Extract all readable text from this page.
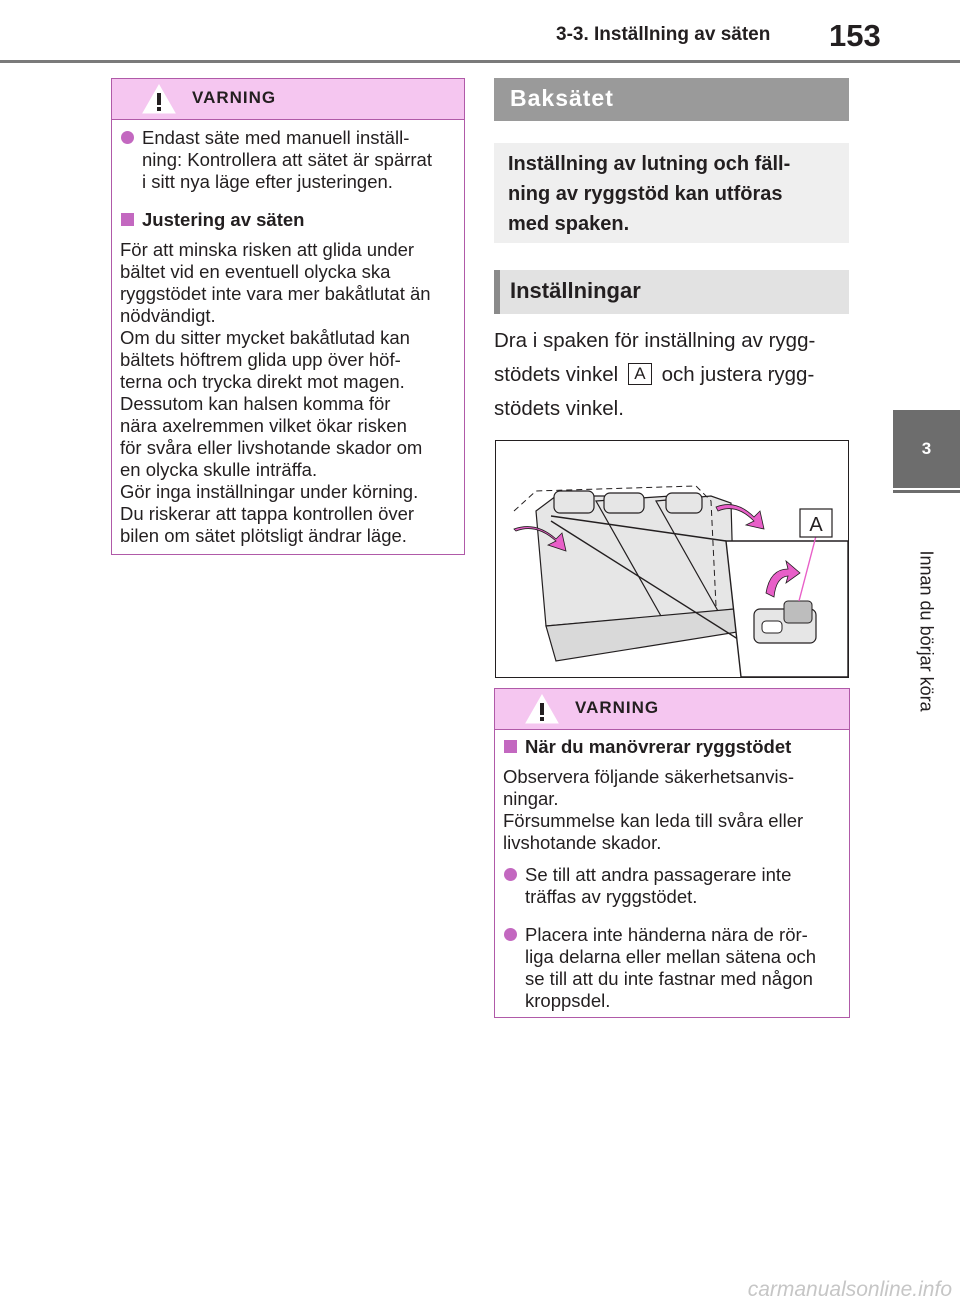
3-3. Inställning av säten 153
3
Innan du börjar köra
VARNING
Endast säte med manuell inställ-
ning: Kontrollera att sätet är spärrat
i sitt nya läge efter justeringen.
Justering av säten
För att minska risken att glida under
bältet vid en eventuell olycka ska
ryggstödet inte vara mer bakåtlutat än
nödvändigt.
Om du sitter mycket bakåtlutad kan
bältets höftrem glida upp över höf-
terna och trycka direkt mot magen.
Dessutom kan halsen komma för
nära axelremmen vilket ökar risken
för svåra eller livshotande skador om
en olycka skulle inträffa.
Gör inga inställningar under körning.
Du riskerar att tappa kontrollen över
bilen om sätet plötsligt ändrar läge.
Baksätet
Inställning av lutning och fäll-
ning av ryggstöd kan utföras
med spaken.
Inställningar
Dra i spaken för inställning av rygg-
stödets vinkel A och justera rygg-
stödets vinkel.
A
VARNING
När du manövrerar ryggstödet
Observera följande säkerhetsanvis-
ningar.
Försummelse kan leda till svåra eller
livshotande skador.
Se till att andra passagerare inte
träffas av ryggstödet.
Placera inte händerna nära de rör-
liga delarna eller mellan sätena och
se till att du inte fastnar med någon
kroppsdel.
carmanualsonline.info
